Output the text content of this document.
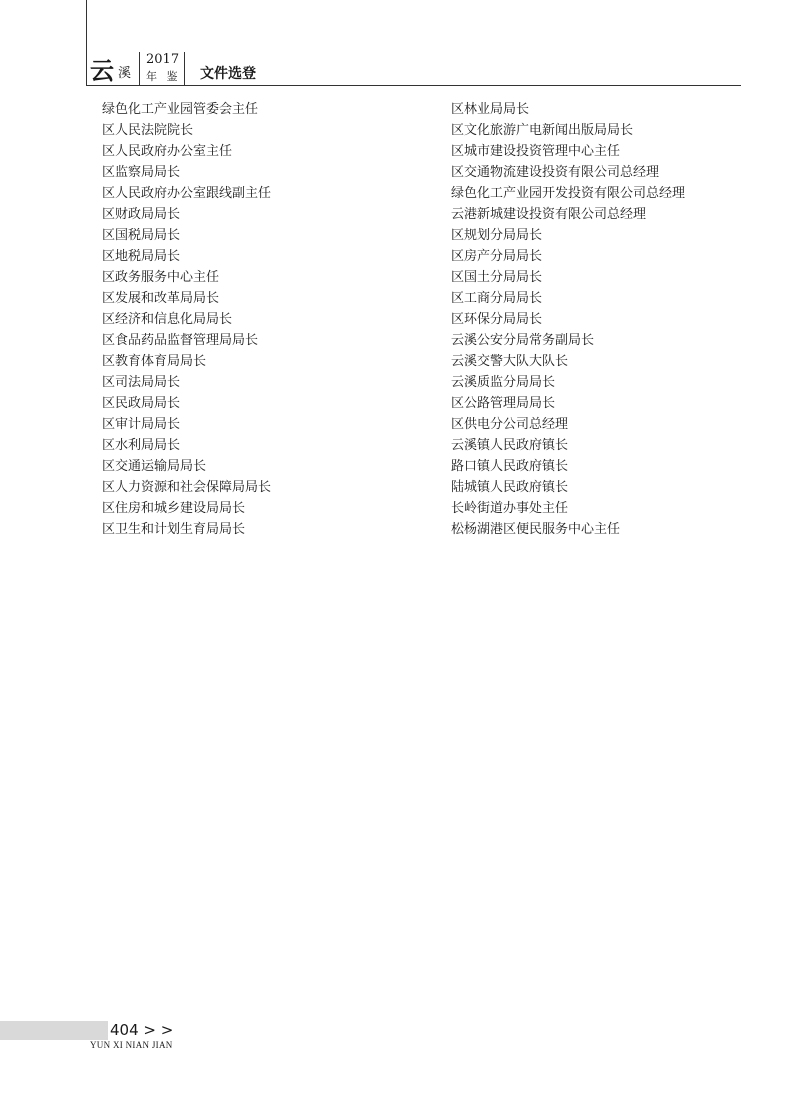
云 溪
2017
年 鉴 文件选登
绿色化工产业园管委会主任
区人民法院院长
区人民政府办公室主任
区监察局局长
区人民政府办公室跟线副主任
区财政局局长
区国税局局长
区地税局局长
区政务服务中心主任
区发展和改革局局长
区经济和信息化局局长
区食品药品监督管理局局长
区教育体育局局长
区司法局局长
区民政局局长
区审计局局长
区水利局局长
区交通运输局局长
区人力资源和社会保障局局长
区住房和城乡建设局局长
区卫生和计划生育局局长
区林业局局长
区文化旅游广电新闻出版局局长
区城市建设投资管理中心主任
区交通物流建设投资有限公司总经理
绿色化工产业园开发投资有限公司总经理
云港新城建设投资有限公司总经理
区规划分局局长
区房产分局局长
区国土分局局长
区工商分局局长
区环保分局局长
云溪公安分局常务副局长
云溪交警大队大队长
云溪质监分局局长
区公路管理局局长
区供电分公司总经理
云溪镇人民政府镇长
路口镇人民政府镇长
陆城镇人民政府镇长
长岭街道办事处主任
松杨湖港区便民服务中心主任
404 > >
YUN XI NIAN JIAN
